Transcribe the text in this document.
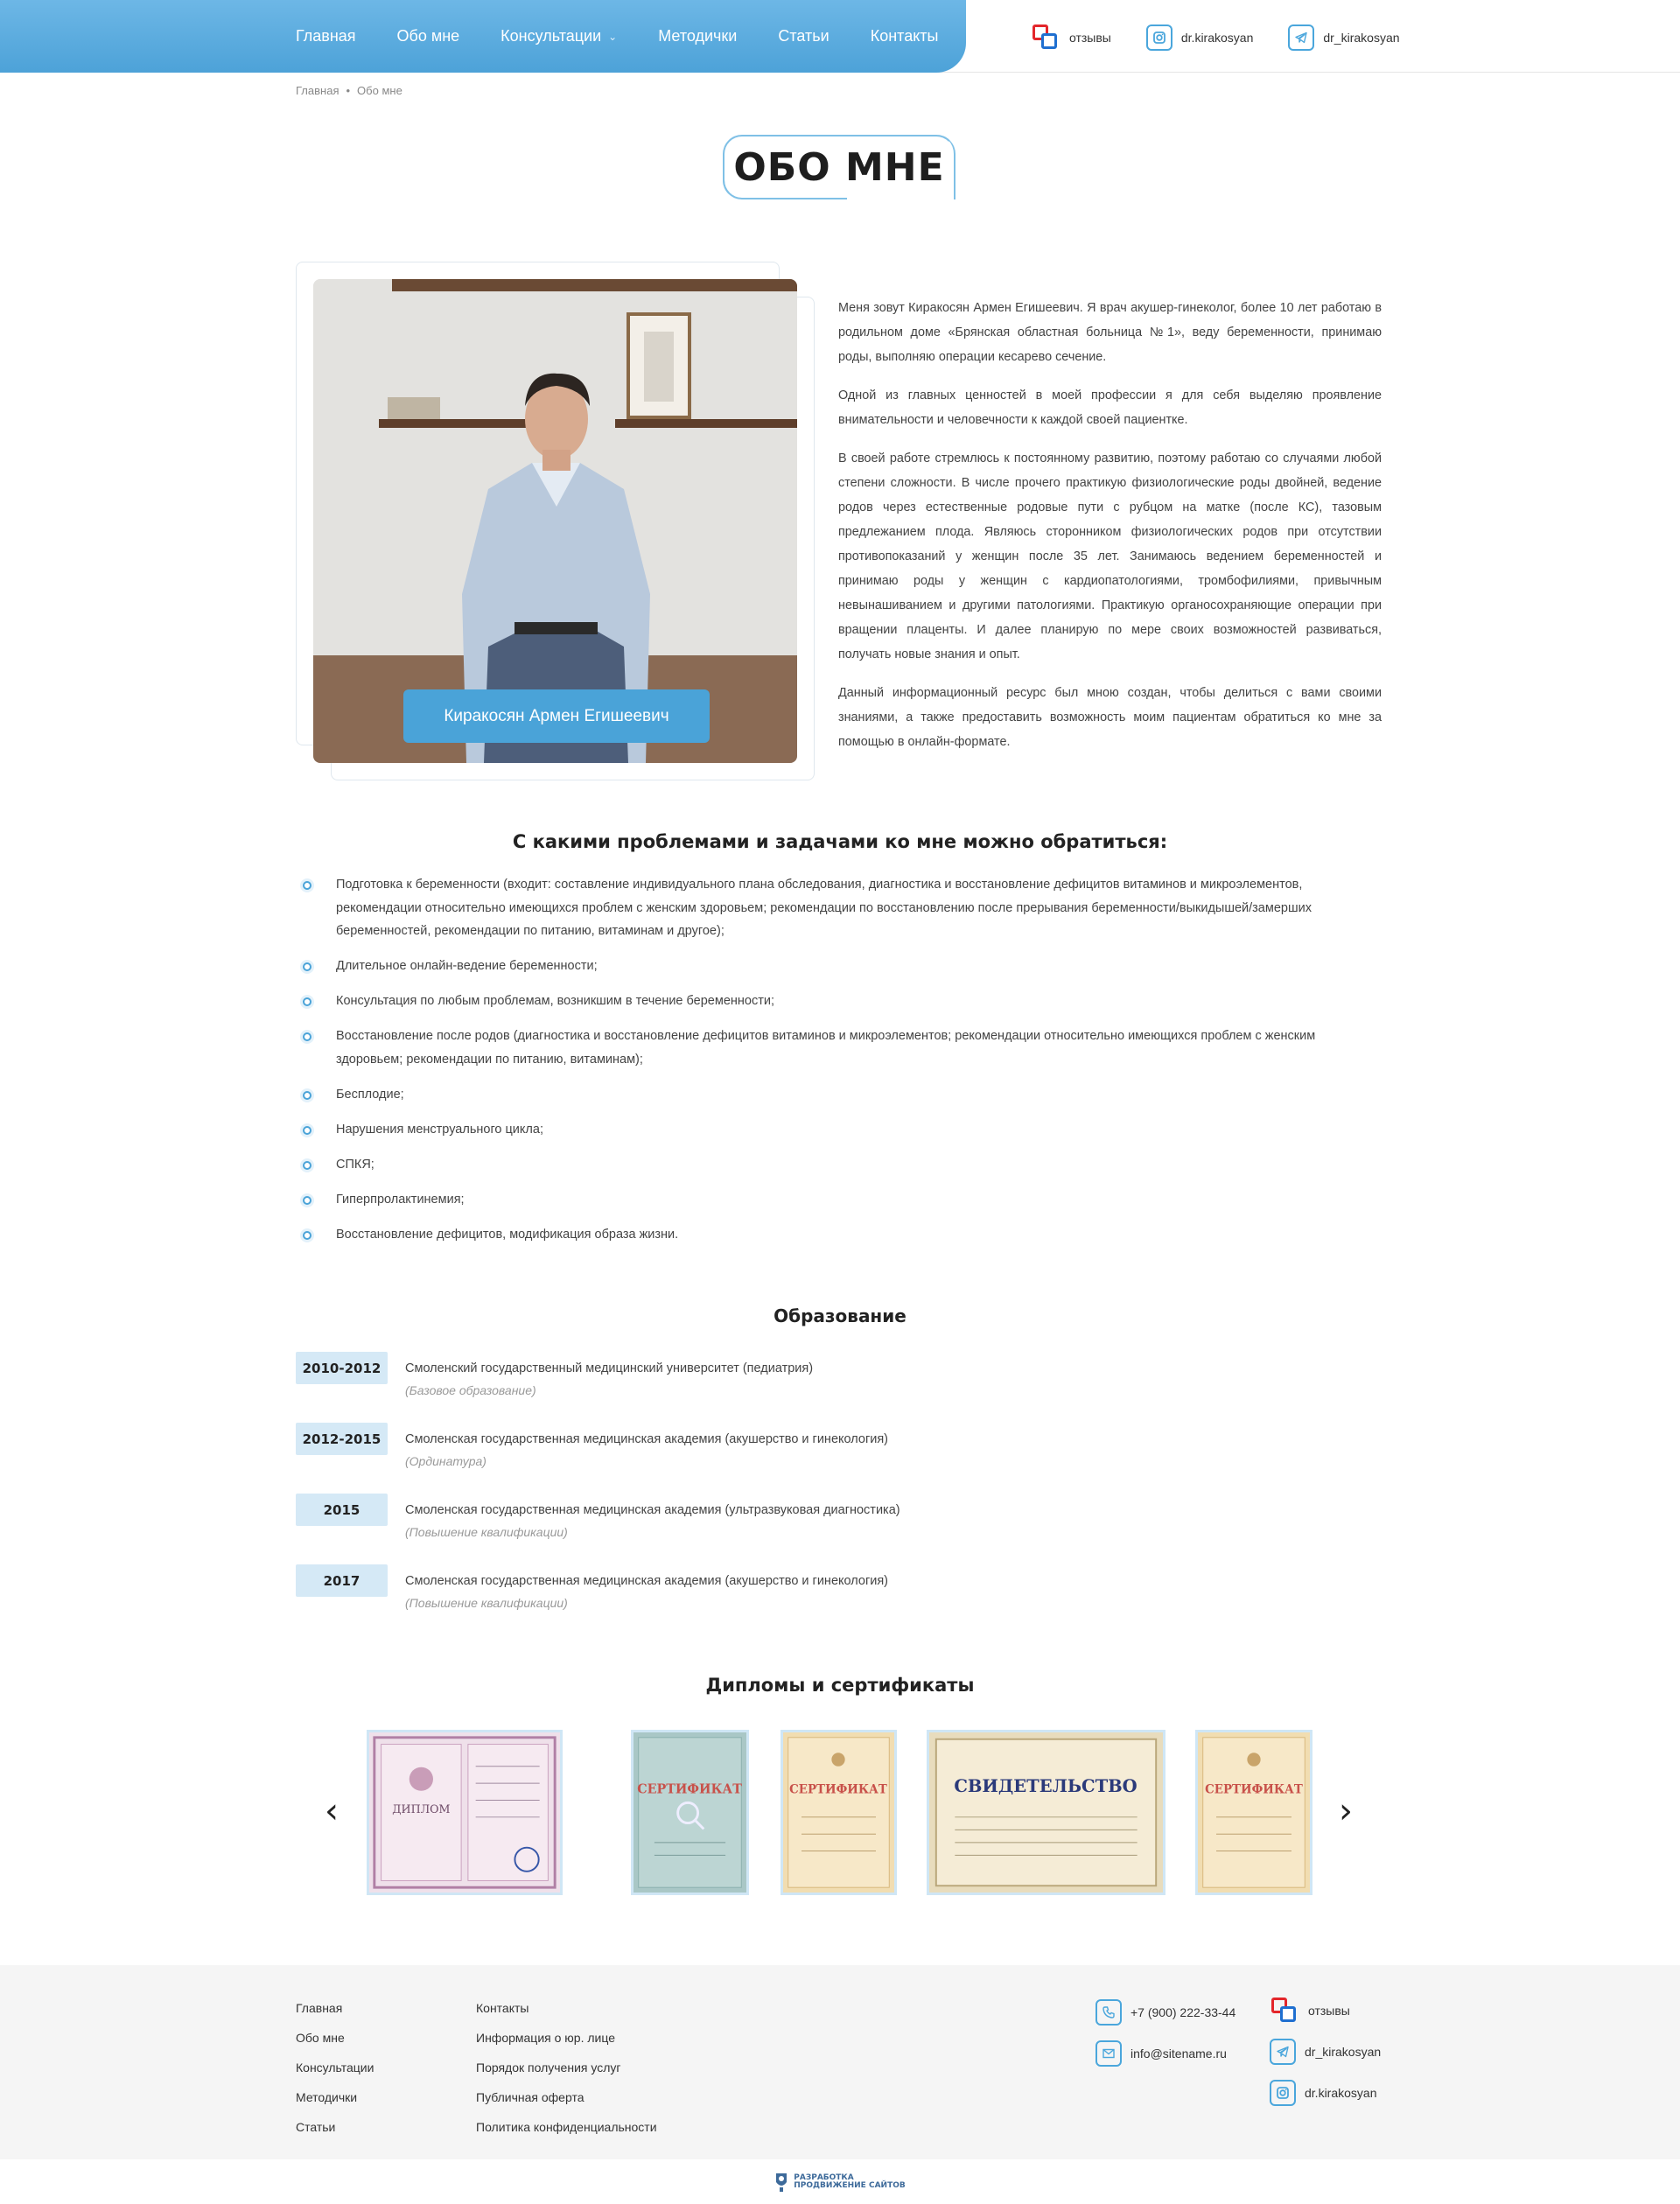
Главная	Обо мне	Консультации ⌄	Методички	Статьи	Контакты	отзывы	dr.kirakosyan	dr_kirakosyan
Главная • Обо мне
ОБО МНЕ
Киракосян Армен Егишеевич

Меня зовут Киракосян Армен Егишеевич. Я врач акушер-гинеколог, более 10 лет работаю в родильном доме «Брянская областная больница №1», веду беременности, принимаю роды, выполняю операции кесарево сечение.

Одной из главных ценностей в моей профессии я для себя выделяю проявление внимательности и человечности к каждой своей пациентке.

В своей работе стремлюсь к постоянному развитию, поэтому работаю со случаями любой степени сложности. В числе прочего практикую физиологические роды двойней, ведение родов через естественные родовые пути с рубцом на матке (после КС), тазовым предлежанием плода. Являюсь сторонником физиологических родов при отсутствии противопоказаний у женщин после 35 лет. Занимаюсь ведением беременностей и принимаю роды у женщин с кардиопатологиями, тромбофилиями, привычным невынашиванием и другими патологиями. Практикую органосохраняющие операции при вращении плаценты. И далее планирую по мере своих возможностей развиваться, получать новые знания и опыт.

Данный информационный ресурс был мною создан, чтобы делиться с вами своими знаниями, а также предоставить возможность моим пациентам обратиться ко мне за помощью в онлайн-формате.

С какими проблемами и задачами ко мне можно обратиться:
Подготовка к беременности (входит: составление индивидуального плана обследования, диагностика и восстановление дефицитов витаминов и микроэлементов, рекомендации относительно имеющихся проблем с женским здоровьем; рекомендации по восстановлению после прерывания беременности/выкидышей/замерших беременностей, рекомендации по питанию, витаминам и другое);
Длительное онлайн-ведение беременности;
Консультация по любым проблемам, возникшим в течение беременности;
Восстановление после родов (диагностика и восстановление дефицитов витаминов и микроэлементов; рекомендации относительно имеющихся проблем с женским здоровьем; рекомендации по питанию, витаминам);
Бесплодие;
Нарушения менструального цикла;
СПКЯ;
Гиперпролактинемия;
Восстановление дефицитов, модификация образа жизни.
Образование
2010-2012	Смоленский государственный медицинский университет (педиатрия)
(Базовое образование)
2012-2015	Смоленская государственная медицинская академия (акушерство и гинекология)
(Ординатура)
2015	Смоленская государственная медицинская академия (ультразвуковая диагностика)
(Повышение квалификации)
2017	Смоленская государственная медицинская академия (акушерство и гинекология)
(Повышение квалификации)
Дипломы и сертификаты
‹	›
ДИПЛОМ
СЕРТИФИКАТ	СЕРТИФИКАТ	СВИДЕТЕЛЬСТВО	СЕРТИФИКАТ
Главная
Обо мне
Консультации
Методички
Статьи
Контакты
Информация о юр. лице
Порядок получения услуг
Публичная оферта
Политика конфиденциальности
+7 (900) 222-33-44
info@sitename.ru
отзывы
dr_kirakosyan
dr.kirakosyan
РАЗРАБОТКА
ПРОДВИЖЕНИЕ САЙТОВ
